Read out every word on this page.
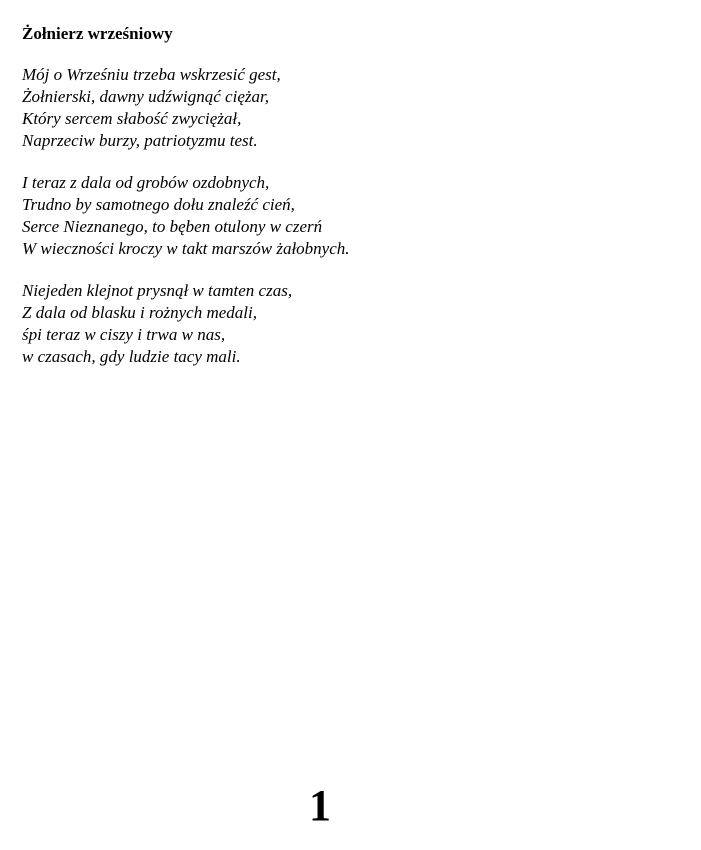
Żołnierz wrześniowy
Mój o Wrześniu trzeba wskrzesić gest,
Żołnierski, dawny udźwignąć ciężar,
Który sercem słabość zwyciężał,
Naprzeciw burzy, patriotyzmu test.
I teraz z dala od grobów ozdobnych,
Trudno by samotnego dołu znaleźć cień,
Serce Nieznanego, to bęben otulony w czerń
W wieczności kroczy w takt marszów żałobnych.
Niejeden klejnot prysnął w tamten czas,
Z dala od blasku i rożnych medali,
śpi teraz w ciszy i trwa w nas,
w czasach, gdy ludzie tacy mali.
1
